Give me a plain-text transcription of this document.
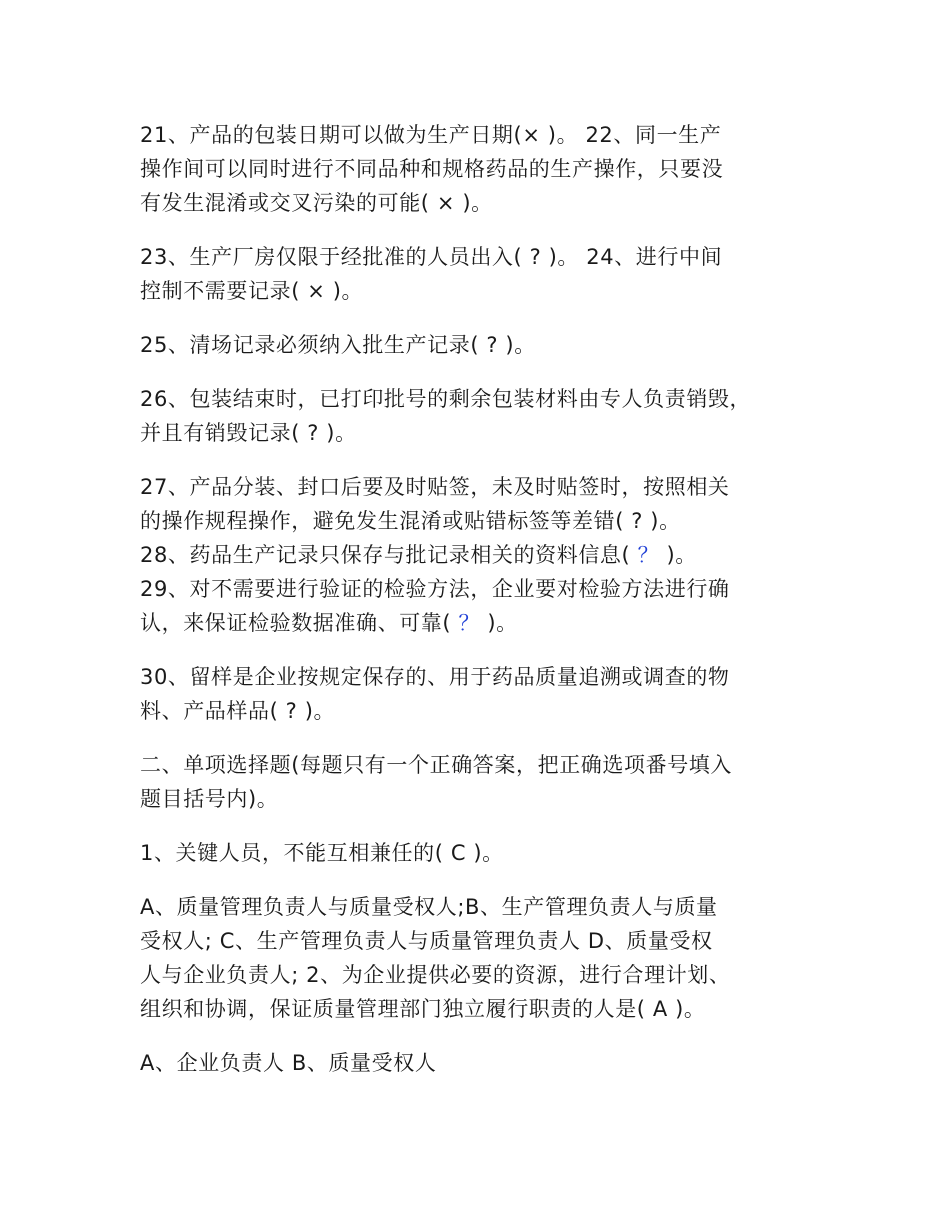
21、产品的包装日期可以做为生产日期(× )。 22、同一生产
操作间可以同时进行不同品种和规格药品的生产操作，只要没
有发生混淆或交叉污染的可能( × )。

23、生产厂房仅限于经批准的人员出入( ? )。 24、进行中间
控制不需要记录( × )。

25、清场记录必须纳入批生产记录( ? )。

26、包装结束时，已打印批号的剩余包装材料由专人负责销毁，
并且有销毁记录( ? )。

27、产品分装、封口后要及时贴签，未及时贴签时，按照相关
的操作规程操作，避免发生混淆或贴错标签等差错( ? )。

28、药品生产记录只保存与批记录相关的资料信息( ？ )。
29、对不需要进行验证的检验方法，企业要对检验方法进行确
认，来保证检验数据准确、可靠( ？ )。

30、留样是企业按规定保存的、用于药品质量追溯或调查的物
料、产品样品( ? )。

二、单项选择题(每题只有一个正确答案，把正确选项番号填入
题目括号内)。

1、关键人员，不能互相兼任的( C )。

A、质量管理负责人与质量受权人;B、生产管理负责人与质量
受权人; C、生产管理负责人与质量管理负责人 D、质量受权
人与企业负责人; 2、为企业提供必要的资源，进行合理计划、
组织和协调，保证质量管理部门独立履行职责的人是( A )。

A、企业负责人 B、质量受权人
